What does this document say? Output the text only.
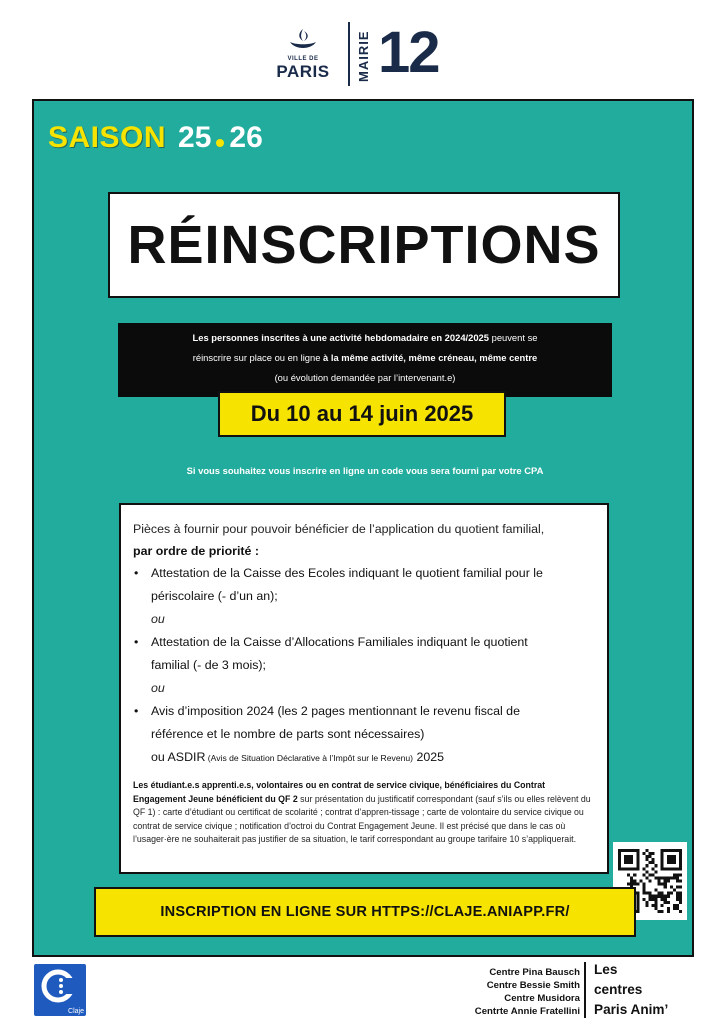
VILLE DE
PARIS	MAIRIE 12
SAISON 25 26
RÉINSCRIPTIONS
Les personnes inscrites à une activité hebdomadaire en 2024/2025 peuvent se
réinscrire sur place ou en ligne à la même activité, même créneau, même centre
(ou évolution demandée par l’intervenant.e)
Du 10 au 14 juin 2025
Si vous souhaitez vous inscrire en ligne un code vous sera fourni par votre CPA
Pièces à fournir pour pouvoir bénéficier de l’application du quotient familial,
par ordre de priorité :
• Attestation de la Caisse des Ecoles indiquant le quotient familial pour le
périscolaire (- d’un an);
ou
• Attestation de la Caisse d’Allocations Familiales indiquant le quotient
familial (- de 3 mois);
ou
• Avis d’imposition 2024 (les 2 pages mentionnant le revenu fiscal de
référence et le nombre de parts sont nécessaires)
ou ASDIR (Avis de Situation Déclarative à l’Impôt sur le Revenu) 2025
Les étudiant.e.s apprenti.e.s, volontaires ou en contrat de service civique, bénéficiaires du Contrat Engagement Jeune bénéficient du QF 2 sur présentation du justificatif correspondant (sauf s’ils ou elles relèvent du QF 1) : carte d’étudiant ou certificat de scolarité ; contrat d’appren-tissage ; carte de volontaire du service civique ou contrat de service civique ; notification d’octroi du Contrat Engagement Jeune. Il est précisé que dans le cas où l’usager·ère ne souhaiterait pas justifier de sa situation, le tarif correspondant au groupe tarifaire 10 s’appliquerait.
INSCRIPTION EN LIGNE SUR HTTPS://CLAJE.ANIAPP.FR/
Claje
Centre Pina Bausch
Centre Bessie Smith
Centre Musidora
Centrte Annie Fratellini
Les
centres
Paris Anim’
